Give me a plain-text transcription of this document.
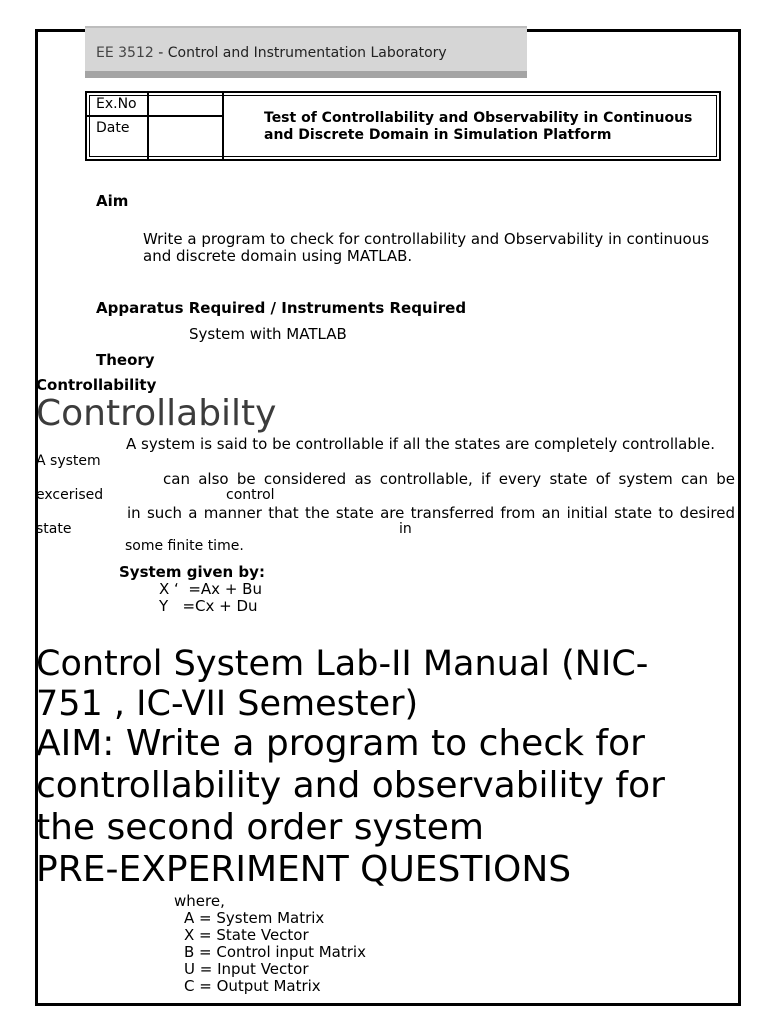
EE 3512 - Control and Instrumentation Laboratory
Ex.No
Date
Test of Controllability and Observability in Continuous and Discrete Domain in Simulation Platform
Aim
Write a program to check for controllability and Observability in continuous
and discrete domain using MATLAB.
Apparatus Required / Instruments Required
System with MATLAB
Theory
Controllability
Controllabilty
A system is said to be controllable if all the states are completely controllable.
A system
can also be considered as controllable, if every state of system can be
excerised	control
in such a manner that the state are transferred from an initial state to desired
state	in
some finite time.
System given by:
X ‘  =Ax + Bu
Y   =Cx + Du
Control System Lab-II Manual (NIC-
751 , IC-VII Semester)
AIM: Write a program to check for
controllability and observability for
the second order system
PRE-EXPERIMENT QUESTIONS
where,
A = System Matrix
X = State Vector
B = Control input Matrix
U = Input Vector
C = Output Matrix
